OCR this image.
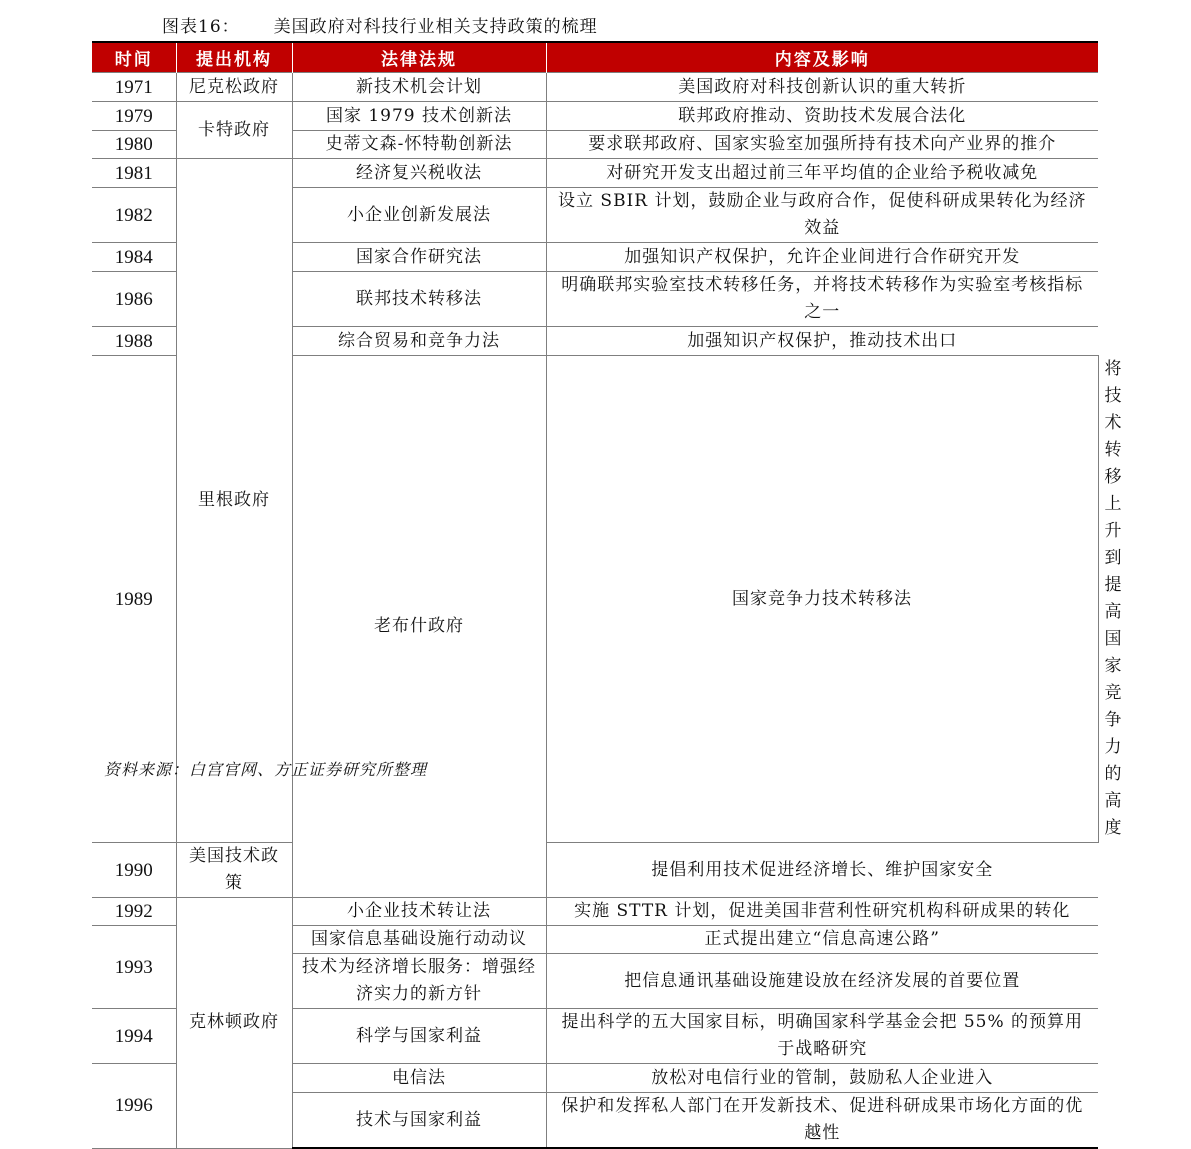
图表16： 美国政府对科技行业相关支持政策的梳理
时间	提出机构	法律法规	内容及影响	
1971	尼克松政府	新技术机会计划	美国政府对科技创新认识的重大转折	
1979	卡特政府	国家 1979 技术创新法	联邦政府推动、资助技术发展合法化	
1980		史蒂文森-怀特勒创新法	要求联邦政府、国家实验室加强所持有技术向产业界的推介	
1981	里根政府	经济复兴税收法	对研究开发支出超过前三年平均值的企业给予税收减免	
1982		小企业创新发展法	设立 SBIR 计划，鼓励企业与政府合作，促使科研成果转化为经济效益	
1984		国家合作研究法	加强知识产权保护，允许企业间进行合作研究开发	
1986		联邦技术转移法	明确联邦实验室技术转移任务，并将技术转移作为实验室考核指标之一	
1988		综合贸易和竞争力法	加强知识产权保护，推动技术出口	
1989		老布什政府	国家竞争力技术转移法	将技术转移上升到提高国家竞争力的高度
1990	美国技术政策		提倡利用技术促进经济增长、维护国家安全	
1992	克林顿政府	小企业技术转让法	实施 STTR 计划，促进美国非营利性研究机构科研成果的转化	
1993		国家信息基础设施行动动议	正式提出建立“信息高速公路”	
		技术为经济增长服务：增强经济实力的新方针	把信息通讯基础设施建设放在经济发展的首要位置	
1994		科学与国家利益	提出科学的五大国家目标，明确国家科学基金会把 55% 的预算用于战略研究	
1996		电信法	放松对电信行业的管制，鼓励私人企业进入	
		技术与国家利益	保护和发挥私人部门在开发新技术、促进科研成果市场化方面的优越性	
资料来源：白宫官网、方正证券研究所整理
